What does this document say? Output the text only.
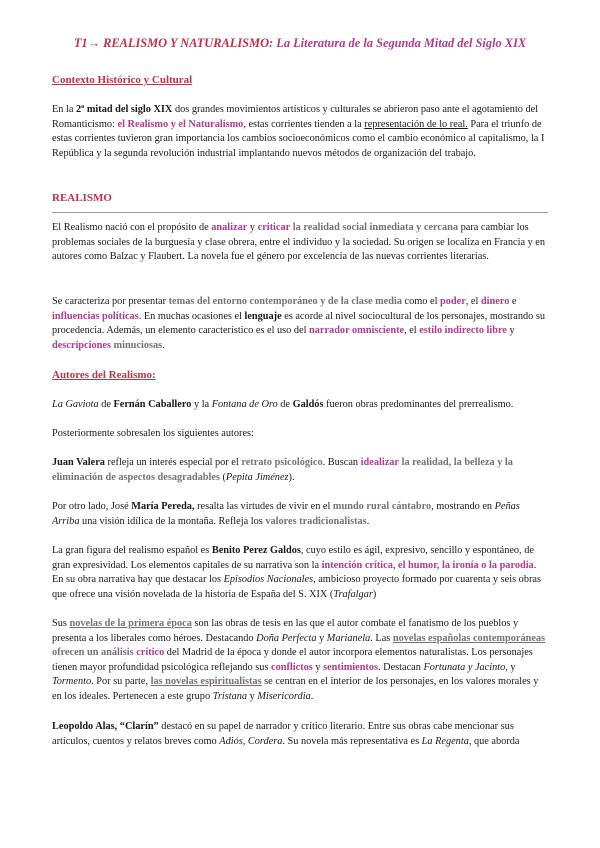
T1→ REALISMO Y NATURALISMO: La Literatura de la Segunda Mitad del Siglo XIX
Contexto Histórico y Cultural

En la 2ª mitad del siglo XIX dos grandes movimientos artísticos y culturales se abrieron paso ante el agotamiento del Romanticismo: el Realismo y el Naturalismo, estas corrientes tienden a la representación de lo real. Para el triunfo de estas corrientes tuvieron gran importancia los cambios socioeconómicos como el cambio económico al capitalismo, la I República y la segunda revolución industrial implantando nuevos métodos de organización del trabajo.

REALISMO

El Realismo nació con el propósito de analizar y criticar la realidad social inmediata y cercana para cambiar los problemas sociales de la burguesía y clase obrera, entre el individuo y la sociedad. Su origen se localiza en Francia y en autores como Balzac y Flaubert. La novela fue el género por excelencia de las nuevas corrientes literarias.

Se caracteriza por presentar temas del entorno contemporáneo y de la clase media como el poder, el dinero e influencias políticas. En muchas ocasiones el lenguaje es acorde al nivel sociocultural de los personajes, mostrando su procedencia. Además, un elemento característico es el uso del narrador omnisciente, el estilo indirecto libre y descripciones minuciosas.

Autores del Realismo:

La Gaviota de Fernán Caballero y la Fontana de Oro de Galdós fueron obras predominantes del prerrealismo.

Posteriormente sobresalen los siguientes autores:

Juan Valera refleja un interés especial por el retrato psicológico. Buscan idealizar la realidad, la belleza y la eliminación de aspectos desagradables (Pepita Jiménez).

Por otro lado, José María Pereda, resalta las virtudes de vivir en el mundo rural cántabro, mostrando en Peñas Arriba una visión idílica de la montaña. Refleja los valores tradicionalistas.

La gran figura del realismo español es Benito Perez Galdos, cuyo estilo es ágil, expresivo, sencillo y espontáneo, de gran expresividad. Los elementos capitales de su narrativa son la intención crítica, el humor, la ironía o la parodia. En su obra narrativa hay que destacar los Episodios Nacionales, ambicioso proyecto formado por cuarenta y seis obras que ofrece una visión novelada de la historia de España del S. XIX (Trafalgar)

Sus novelas de la primera época son las obras de tesis en las que el autor combate el fanatismo de los pueblos y presenta a los liberales como héroes. Destacando Doña Perfecta y Marianela. Las novelas españolas contemporáneas ofrecen un análisis crítico del Madrid de la época y donde el autor incorpora elementos naturalistas. Los personajes tienen mayor profundidad psicológica reflejando sus conflictos y sentimientos. Destacan Fortunata y Jacinto, y Tormento. Por su parte, las novelas espiritualistas se centran en el interior de los personajes, en los valores morales y en los ideales. Pertenecen a este grupo Tristana y Misericordia.

Leopoldo Alas, “Clarín” destacó en su papel de narrador y crítico literario. Entre sus obras cabe mencionar sus artículos, cuentos y relatos breves como Adiós, Cordera. Su novela más representativa es La Regenta, que aborda
